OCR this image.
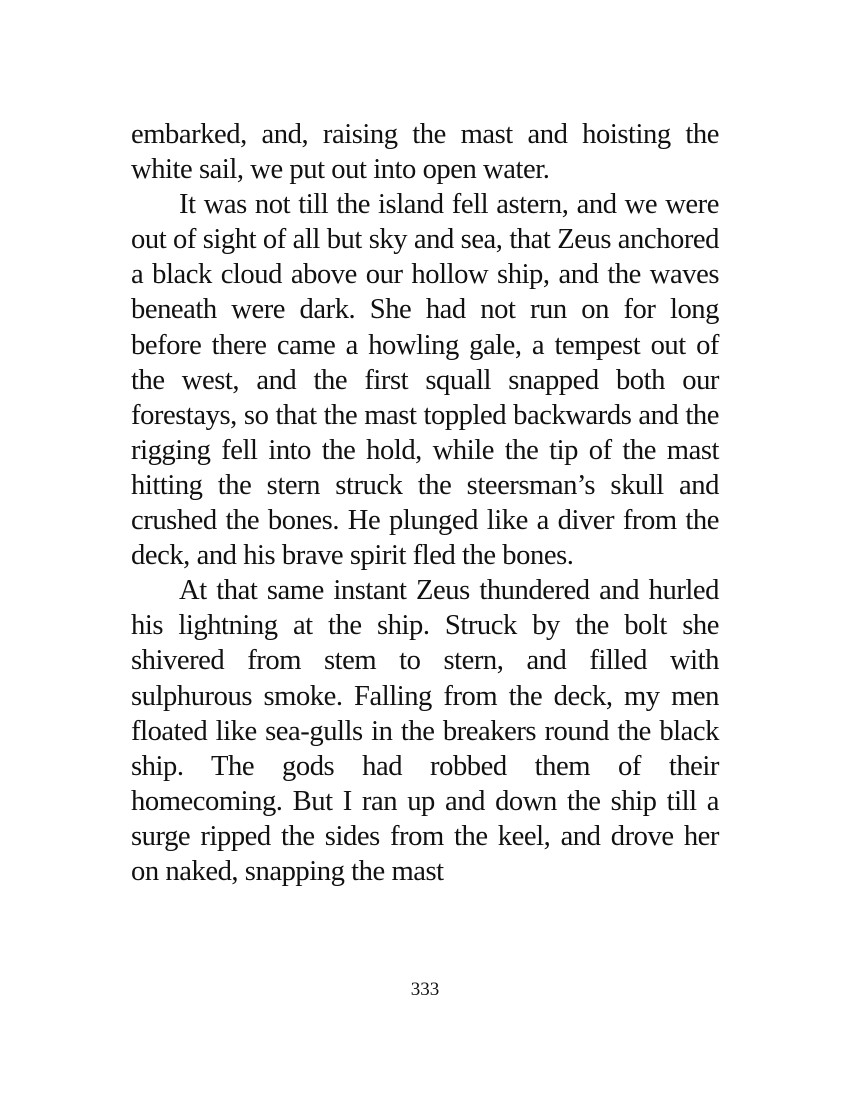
embarked, and, raising the mast and hoisting the white sail, we put out into open water.

It was not till the island fell astern, and we were out of sight of all but sky and sea, that Zeus anchored a black cloud above our hollow ship, and the waves beneath were dark. She had not run on for long before there came a howling gale, a tempest out of the west, and the first squall snapped both our forestays, so that the mast toppled backwards and the rigging fell into the hold, while the tip of the mast hitting the stern struck the steersman’s skull and crushed the bones. He plunged like a diver from the deck, and his brave spirit fled the bones.

At that same instant Zeus thundered and hurled his lightning at the ship. Struck by the bolt she shivered from stem to stern, and filled with sulphurous smoke. Falling from the deck, my men floated like sea-gulls in the breakers round the black ship. The gods had robbed them of their homecoming. But I ran up and down the ship till a surge ripped the sides from the keel, and drove her on naked, snapping the mast

333
